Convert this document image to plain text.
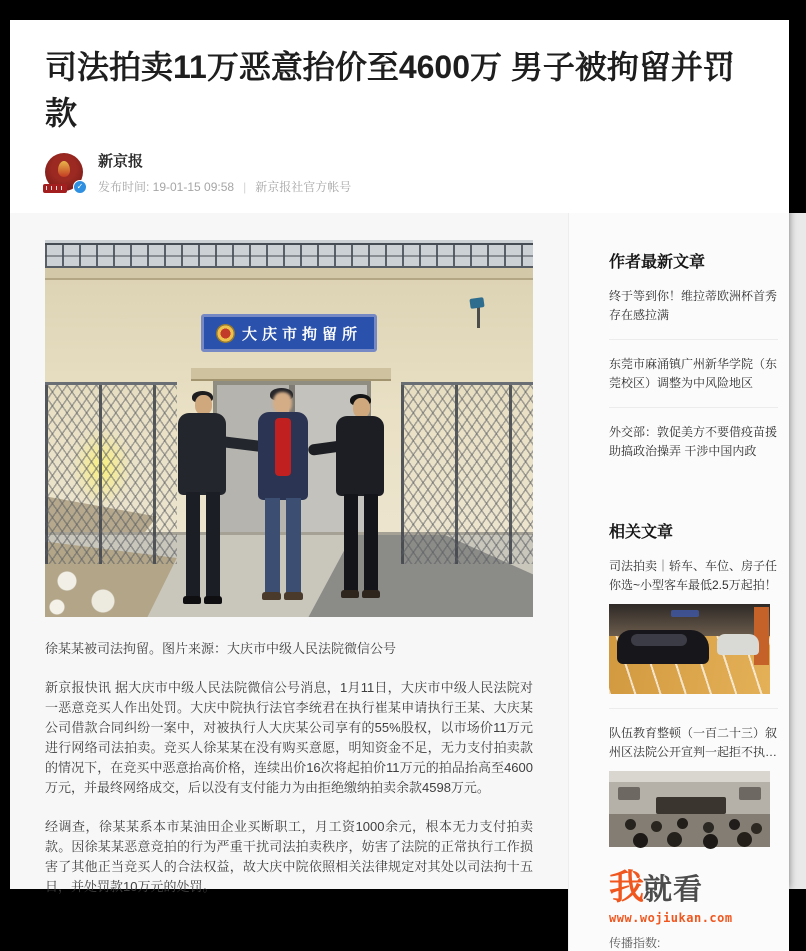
司法拍卖11万恶意抬价至4600万 男子被拘留并罚款
✓
新京报
发布时间: 19-01-15 09:58 | 新京报社官方帐号
大庆市拘留所

徐某某被司法拘留。图片来源：大庆市中级人民法院微信公号

新京报快讯 据大庆市中级人民法院微信公号消息，1月11日，大庆市中级人民法院对一恶意竞买人作出处罚。大庆中院执行法官李统君在执行崔某申请执行王某、大庆某公司借款合同纠纷一案中，对被执行人大庆某公司享有的55%股权，以市场价11万元进行网络司法拍卖。竞买人徐某某在没有购买意愿，明知资金不足，无力支付拍卖款的情况下，在竞买中恶意抬高价格，连续出价16次将起拍价11万元的拍品抬高至4600万元，并最终网络成交，后以没有支付能力为由拒绝缴纳拍卖余款4598万元。

经调查，徐某某系本市某油田企业买断职工，月工资1000余元，根本无力支付拍卖款。因徐某某恶意竞拍的行为严重干扰司法拍卖秩序，妨害了法院的正常执行工作损害了其他正当竞买人的合法权益，故大庆中院依照相关法律规定对其处以司法拘十五日，并处罚款10万元的处罚。

作者最新文章
终于等到你！维拉蒂欧洲杯首秀存在感拉满
东莞市麻涌镇广州新华学院（东莞校区）调整为中风险地区
外交部：敦促美方不要借疫苗援助搞政治操弄 干涉中国内政
相关文章
司法拍卖｜轿车、车位、房子任你选~小型客车最低2.5万起拍！
队伍教育整顿（一百二十三）叙州区法院公开宣判一起拒不执…
我 就看
www.wojiukan.com
传播指数:
